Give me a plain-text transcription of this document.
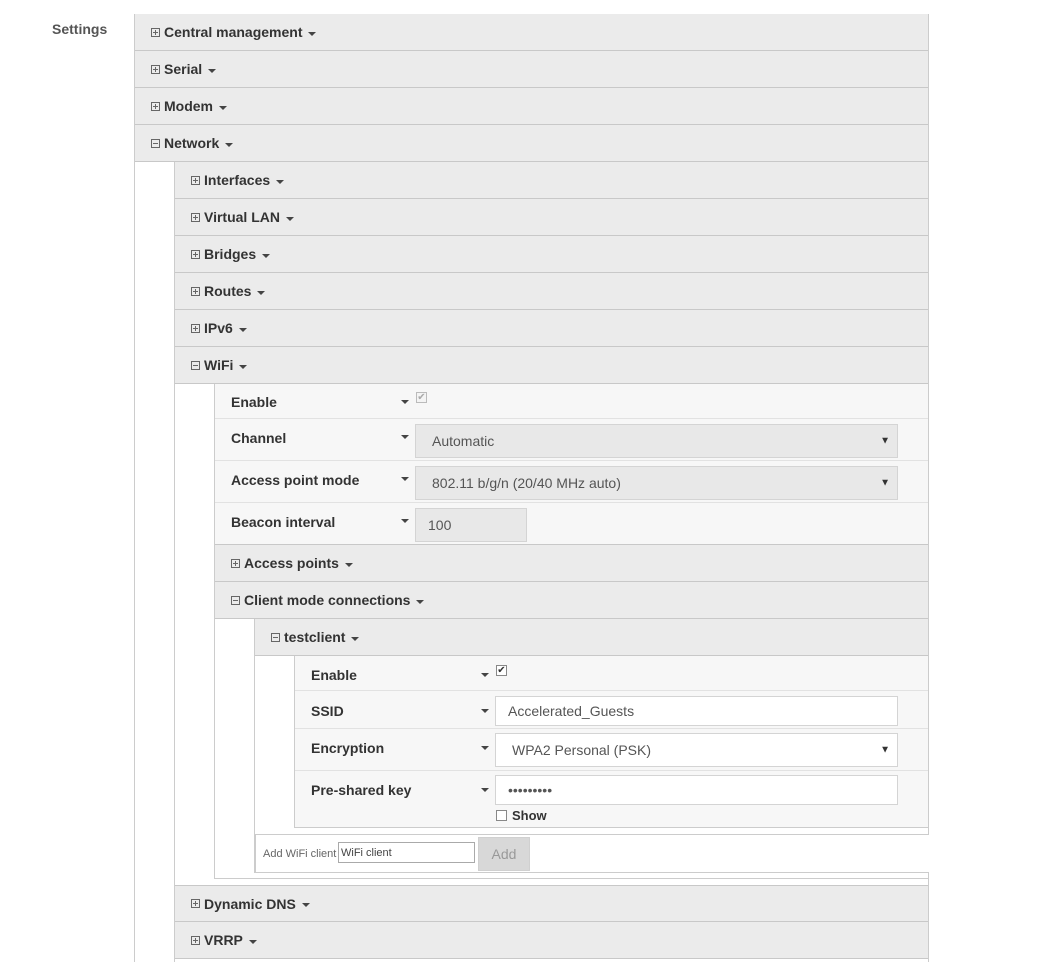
Settings	Central management
Serial
Modem
Network
Interfaces
Virtual LAN
Bridges
Routes
IPv6
WiFi
Enable	✔
Channel	Automatic	▼
Access point mode	802.11 b/g/n (20/40 MHz auto)	▼
Beacon interval	100
Access points
Client mode connections
testclient
Enable	✔
SSID	Accelerated_Guests
Encryption	WPA2 Personal (PSK)	▼
Pre-shared key	•••••••••
Show
Add WiFi client WiFi client	Add
Dynamic DNS
VRRP
